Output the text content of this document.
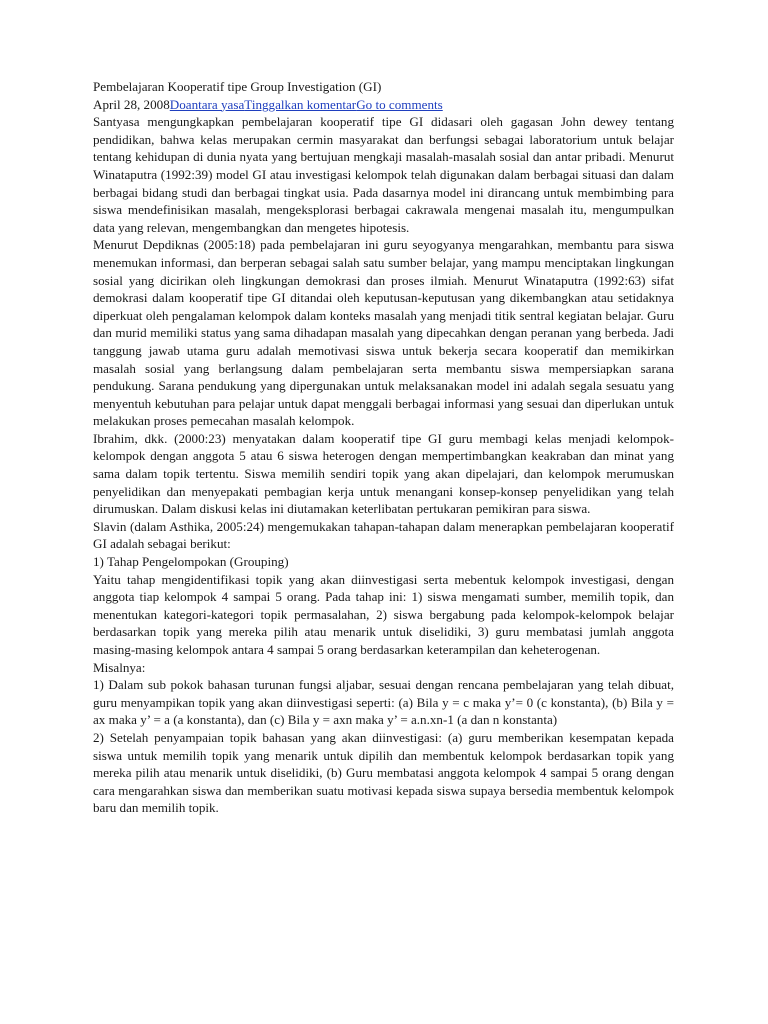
Pembelajaran Kooperatif tipe Group Investigation (GI)

April 28, 2008Doantara yasaTinggalkan komentarGo to comments

Santyasa mengungkapkan pembelajaran kooperatif tipe GI didasari oleh gagasan John dewey tentang pendidikan, bahwa kelas merupakan cermin masyarakat dan berfungsi sebagai laboratorium untuk belajar tentang kehidupan di dunia nyata yang bertujuan mengkaji masalah-masalah sosial dan antar pribadi. Menurut Winataputra (1992:39) model GI atau investigasi kelompok telah digunakan dalam berbagai situasi dan dalam berbagai bidang studi dan berbagai tingkat usia. Pada dasarnya model ini dirancang untuk membimbing para siswa mendefinisikan masalah, mengeksplorasi berbagai cakrawala mengenai masalah itu, mengumpulkan data yang relevan, mengembangkan dan mengetes hipotesis.

Menurut Depdiknas (2005:18) pada pembelajaran ini guru seyogyanya mengarahkan, membantu para siswa menemukan informasi, dan berperan sebagai salah satu sumber belajar, yang mampu menciptakan lingkungan sosial yang dicirikan oleh lingkungan demokrasi dan proses ilmiah. Menurut Winataputra (1992:63) sifat demokrasi dalam kooperatif tipe GI ditandai oleh keputusan-keputusan yang dikembangkan atau setidaknya diperkuat oleh pengalaman kelompok dalam konteks masalah yang menjadi titik sentral kegiatan belajar. Guru dan murid memiliki status yang sama dihadapan masalah yang dipecahkan dengan peranan yang berbeda. Jadi tanggung jawab utama guru adalah memotivasi siswa untuk bekerja secara kooperatif dan memikirkan masalah sosial yang berlangsung dalam pembelajaran serta membantu siswa mempersiapkan sarana pendukung. Sarana pendukung yang dipergunakan untuk melaksanakan model ini adalah segala sesuatu yang menyentuh kebutuhan para pelajar untuk dapat menggali berbagai informasi yang sesuai dan diperlukan untuk melakukan proses pemecahan masalah kelompok.

Ibrahim, dkk. (2000:23) menyatakan dalam kooperatif tipe GI guru membagi kelas menjadi kelompok-kelompok dengan anggota 5 atau 6 siswa heterogen dengan mempertimbangkan keakraban dan minat yang sama dalam topik tertentu. Siswa memilih sendiri topik yang akan dipelajari, dan kelompok merumuskan penyelidikan dan menyepakati pembagian kerja untuk menangani konsep-konsep penyelidikan yang telah dirumuskan. Dalam diskusi kelas ini diutamakan keterlibatan pertukaran pemikiran para siswa.

Slavin (dalam Asthika, 2005:24) mengemukakan tahapan-tahapan dalam menerapkan pembelajaran kooperatif GI adalah sebagai berikut:

1) Tahap Pengelompokan (Grouping)

Yaitu tahap mengidentifikasi topik yang akan diinvestigasi serta mebentuk kelompok investigasi, dengan anggota tiap kelompok 4 sampai 5 orang. Pada tahap ini: 1) siswa mengamati sumber, memilih topik, dan menentukan kategori-kategori topik permasalahan, 2) siswa bergabung pada kelompok-kelompok belajar berdasarkan topik yang mereka pilih atau menarik untuk diselidiki, 3) guru membatasi jumlah anggota masing-masing kelompok antara 4 sampai 5 orang berdasarkan keterampilan dan keheterogenan.

Misalnya:

1) Dalam sub pokok bahasan turunan fungsi aljabar, sesuai dengan rencana pembelajaran yang telah dibuat, guru menyampikan topik yang akan diinvestigasi seperti: (a) Bila y = c maka y’= 0 (c konstanta), (b) Bila y = ax maka y’ = a (a konstanta), dan (c) Bila y = axn maka y’ = a.n.xn-1 (a dan n konstanta)

2) Setelah penyampaian topik bahasan yang akan diinvestigasi: (a) guru memberikan kesempatan kepada siswa untuk memilih topik yang menarik untuk dipilih dan membentuk kelompok berdasarkan topik yang mereka pilih atau menarik untuk diselidiki, (b) Guru membatasi anggota kelompok 4 sampai 5 orang dengan cara mengarahkan siswa dan memberikan suatu motivasi kepada siswa supaya bersedia membentuk kelompok baru dan memilih topik.
